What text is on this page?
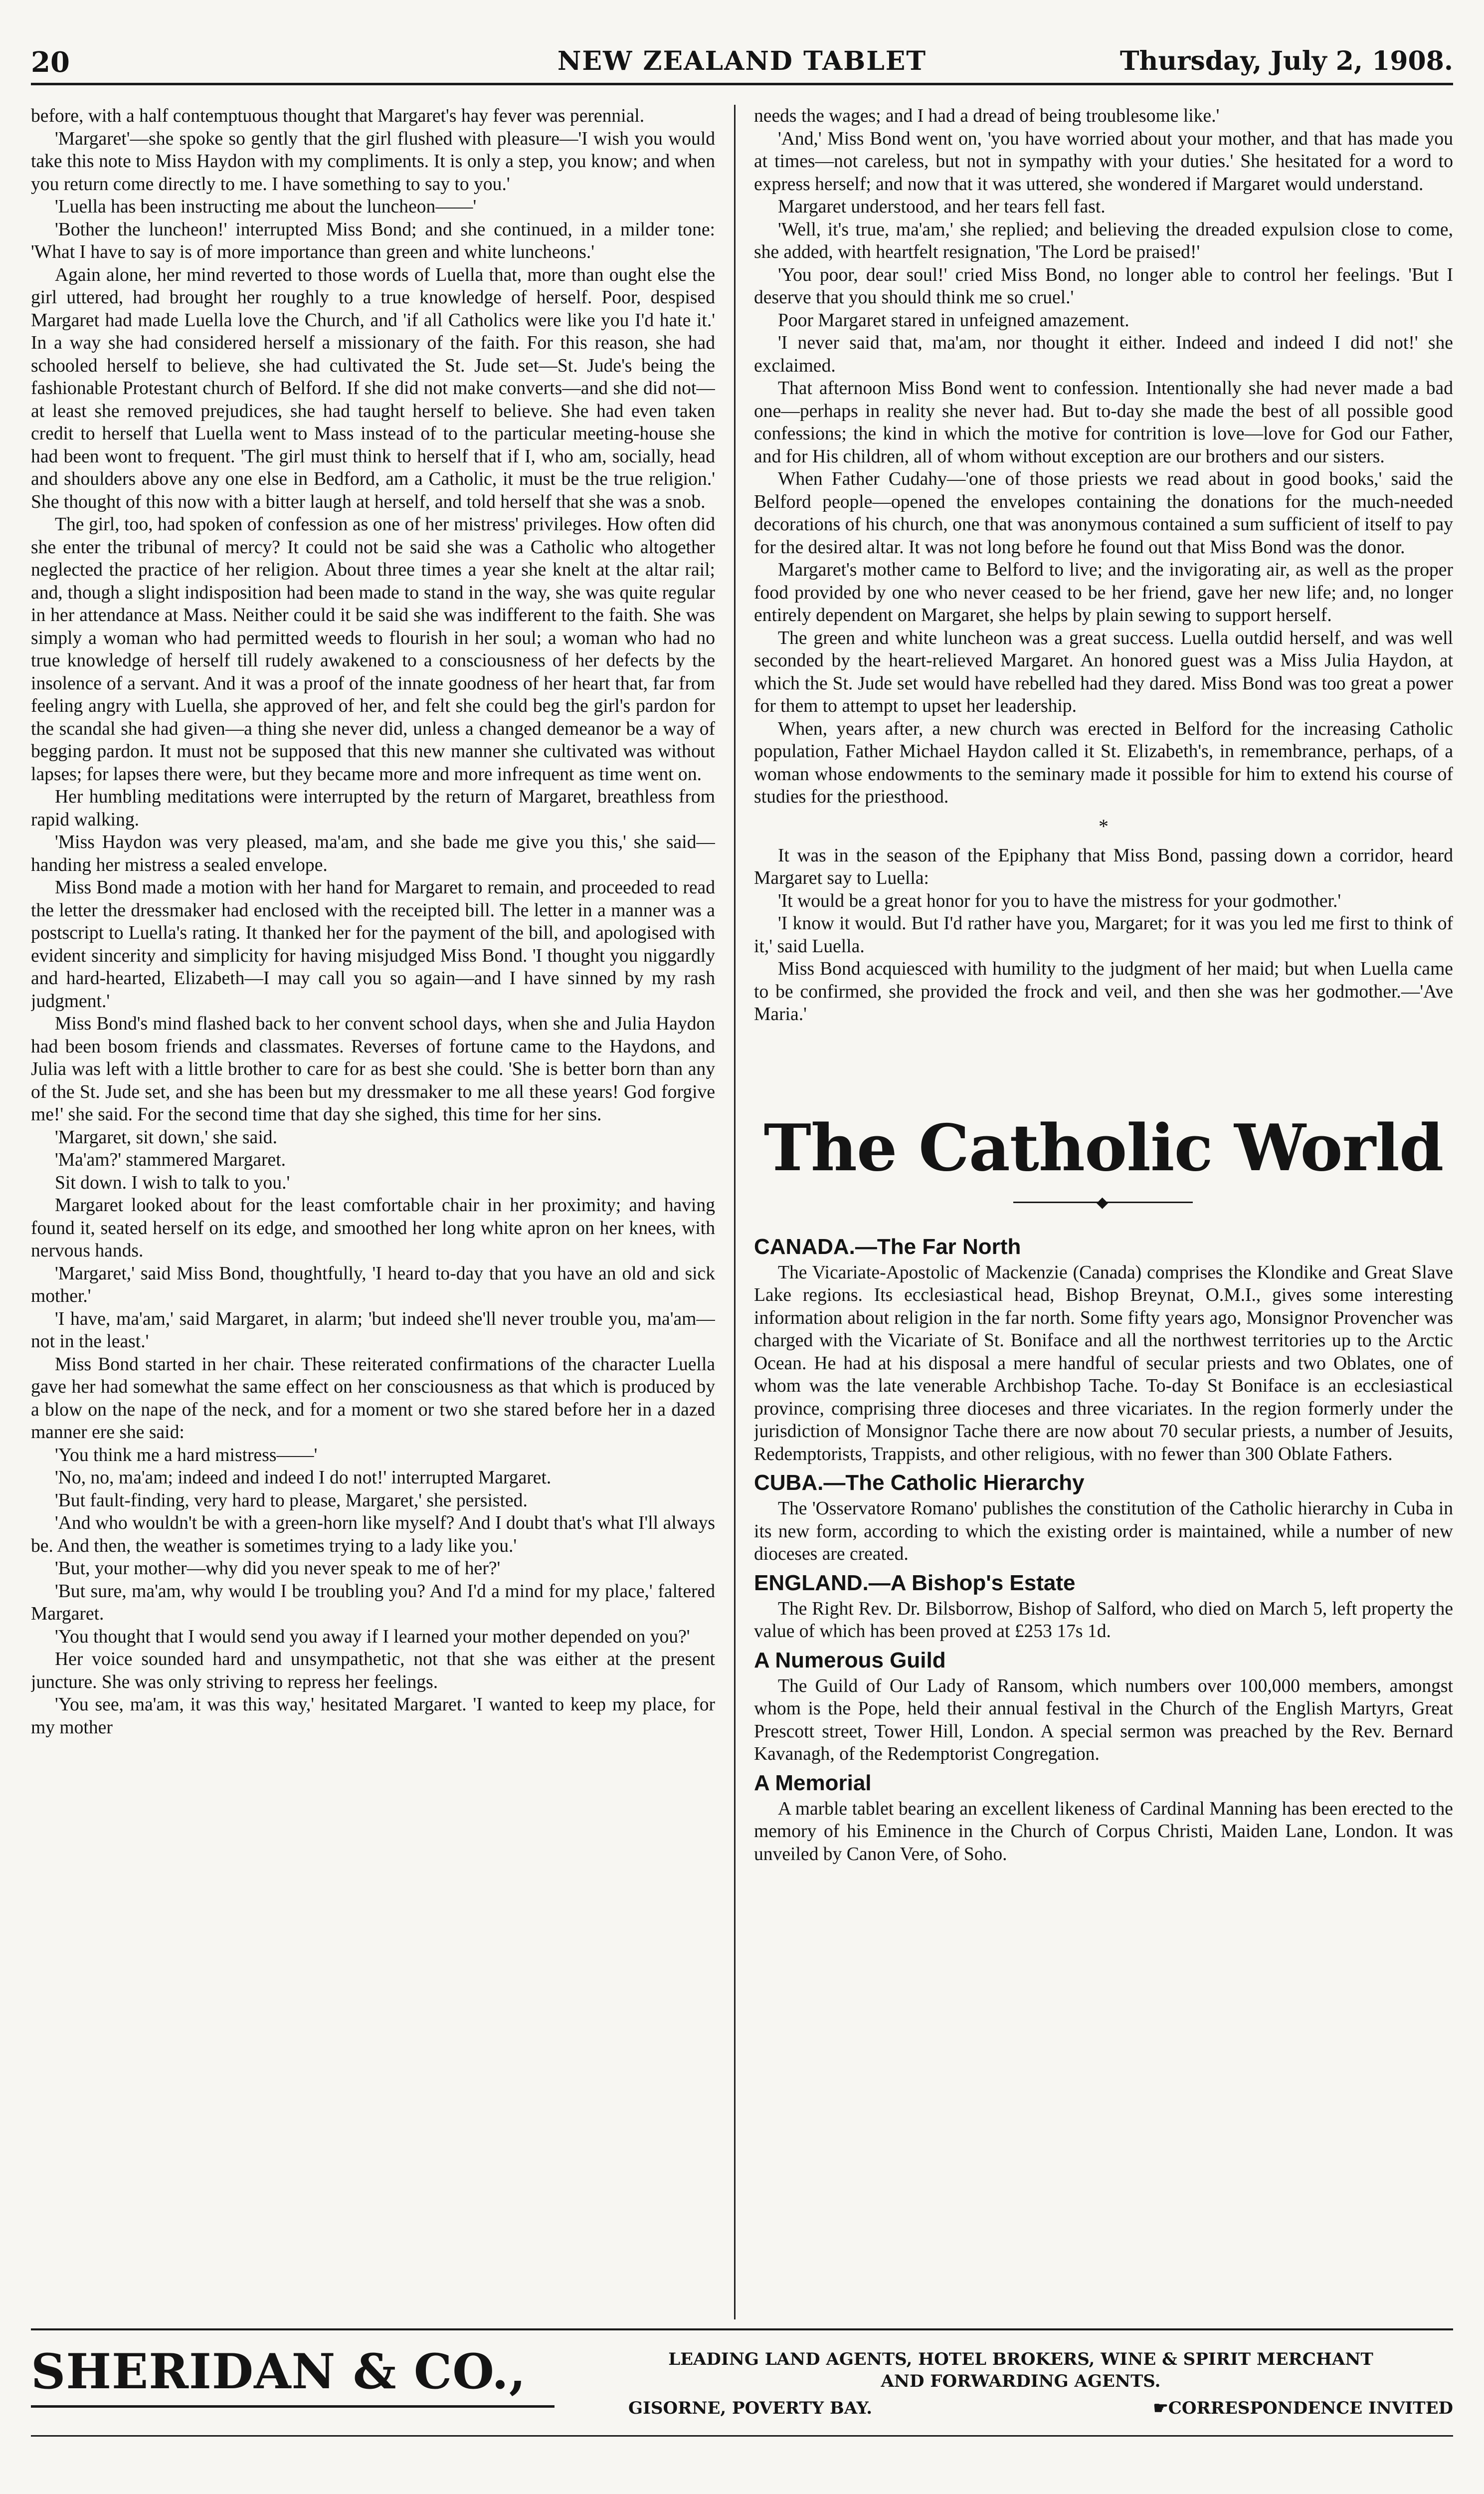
20	NEW ZEALAND TABLET	Thursday, July 2, 1908.

before, with a half contemptuous thought that Margaret's hay fever was perennial.

'Margaret'—she spoke so gently that the girl flushed with pleasure—'I wish you would take this note to Miss Haydon with my compliments. It is only a step, you know; and when you return come directly to me. I have something to say to you.'

'Luella has been instructing me about the luncheon——'

'Bother the luncheon!' interrupted Miss Bond; and she continued, in a milder tone: 'What I have to say is of more importance than green and white luncheons.'

Again alone, her mind reverted to those words of Luella that, more than ought else the girl uttered, had brought her roughly to a true knowledge of herself. Poor, despised Margaret had made Luella love the Church, and 'if all Catholics were like you I'd hate it.' In a way she had considered herself a missionary of the faith. For this reason, she had schooled herself to believe, she had cultivated the St. Jude set—St. Jude's being the fashionable Protestant church of Belford. If she did not make converts—and she did not—at least she removed prejudices, she had taught herself to believe. She had even taken credit to herself that Luella went to Mass instead of to the particular meeting-house she had been wont to frequent. 'The girl must think to herself that if I, who am, socially, head and shoulders above any one else in Bedford, am a Catholic, it must be the true religion.' She thought of this now with a bitter laugh at herself, and told herself that she was a snob.

The girl, too, had spoken of confession as one of her mistress' privileges. How often did she enter the tribunal of mercy? It could not be said she was a Catholic who altogether neglected the practice of her religion. About three times a year she knelt at the altar rail; and, though a slight indisposition had been made to stand in the way, she was quite regular in her attendance at Mass. Neither could it be said she was indifferent to the faith. She was simply a woman who had permitted weeds to flourish in her soul; a woman who had no true knowledge of herself till rudely awakened to a consciousness of her defects by the insolence of a servant. And it was a proof of the innate goodness of her heart that, far from feeling angry with Luella, she approved of her, and felt she could beg the girl's pardon for the scandal she had given—a thing she never did, unless a changed demeanor be a way of begging pardon. It must not be supposed that this new manner she cultivated was without lapses; for lapses there were, but they became more and more infrequent as time went on.

Her humbling meditations were interrupted by the return of Margaret, breathless from rapid walking.

'Miss Haydon was very pleased, ma'am, and she bade me give you this,' she said—handing her mistress a sealed envelope.

Miss Bond made a motion with her hand for Margaret to remain, and proceeded to read the letter the dressmaker had enclosed with the receipted bill. The letter in a manner was a postscript to Luella's rating. It thanked her for the payment of the bill, and apologised with evident sincerity and simplicity for having misjudged Miss Bond. 'I thought you niggardly and hard-hearted, Elizabeth—I may call you so again—and I have sinned by my rash judgment.'

Miss Bond's mind flashed back to her convent school days, when she and Julia Haydon had been bosom friends and classmates. Reverses of fortune came to the Haydons, and Julia was left with a little brother to care for as best she could. 'She is better born than any of the St. Jude set, and she has been but my dressmaker to me all these years! God forgive me!' she said. For the second time that day she sighed, this time for her sins.

'Margaret, sit down,' she said.

'Ma'am?' stammered Margaret.

Sit down. I wish to talk to you.'

Margaret looked about for the least comfortable chair in her proximity; and having found it, seated herself on its edge, and smoothed her long white apron on her knees, with nervous hands.

'Margaret,' said Miss Bond, thoughtfully, 'I heard to-day that you have an old and sick mother.'

'I have, ma'am,' said Margaret, in alarm; 'but indeed she'll never trouble you, ma'am—not in the least.'

Miss Bond started in her chair. These reiterated confirmations of the character Luella gave her had somewhat the same effect on her consciousness as that which is produced by a blow on the nape of the neck, and for a moment or two she stared before her in a dazed manner ere she said:

'You think me a hard mistress——'

'No, no, ma'am; indeed and indeed I do not!' interrupted Margaret.

'But fault-finding, very hard to please, Margaret,' she persisted.

'And who wouldn't be with a green-horn like myself? And I doubt that's what I'll always be. And then, the weather is sometimes trying to a lady like you.'

'But, your mother—why did you never speak to me of her?'

'But sure, ma'am, why would I be troubling you? And I'd a mind for my place,' faltered Margaret.

'You thought that I would send you away if I learned your mother depended on you?'

Her voice sounded hard and unsympathetic, not that she was either at the present juncture. She was only striving to repress her feelings.

'You see, ma'am, it was this way,' hesitated Margaret. 'I wanted to keep my place, for my mother

needs the wages; and I had a dread of being troublesome like.'

'And,' Miss Bond went on, 'you have worried about your mother, and that has made you at times—not careless, but not in sympathy with your duties.' She hesitated for a word to express herself; and now that it was uttered, she wondered if Margaret would understand.

Margaret understood, and her tears fell fast.

'Well, it's true, ma'am,' she replied; and believing the dreaded expulsion close to come, she added, with heartfelt resignation, 'The Lord be praised!'

'You poor, dear soul!' cried Miss Bond, no longer able to control her feelings. 'But I deserve that you should think me so cruel.'

Poor Margaret stared in unfeigned amazement.

'I never said that, ma'am, nor thought it either. Indeed and indeed I did not!' she exclaimed.

That afternoon Miss Bond went to confession. Intentionally she had never made a bad one—perhaps in reality she never had. But to-day she made the best of all possible good confessions; the kind in which the motive for contrition is love—love for God our Father, and for His children, all of whom without exception are our brothers and our sisters.

When Father Cudahy—'one of those priests we read about in good books,' said the Belford people—opened the envelopes containing the donations for the much-needed decorations of his church, one that was anonymous contained a sum sufficient of itself to pay for the desired altar. It was not long before he found out that Miss Bond was the donor.

Margaret's mother came to Belford to live; and the invigorating air, as well as the proper food provided by one who never ceased to be her friend, gave her new life; and, no longer entirely dependent on Margaret, she helps by plain sewing to support herself.

The green and white luncheon was a great success. Luella outdid herself, and was well seconded by the heart-relieved Margaret. An honored guest was a Miss Julia Haydon, at which the St. Jude set would have rebelled had they dared. Miss Bond was too great a power for them to attempt to upset her leadership.

When, years after, a new church was erected in Belford for the increasing Catholic population, Father Michael Haydon called it St. Elizabeth's, in remembrance, perhaps, of a woman whose endowments to the seminary made it possible for him to extend his course of studies for the priesthood.

*

It was in the season of the Epiphany that Miss Bond, passing down a corridor, heard Margaret say to Luella:

'It would be a great honor for you to have the mistress for your godmother.'

'I know it would. But I'd rather have you, Margaret; for it was you led me first to think of it,' said Luella.

Miss Bond acquiesced with humility to the judgment of her maid; but when Luella came to be confirmed, she provided the frock and veil, and then she was her godmother.—'Ave Maria.'

The Catholic World
◆
CANADA.—The Far North

The Vicariate-Apostolic of Mackenzie (Canada) comprises the Klondike and Great Slave Lake regions. Its ecclesiastical head, Bishop Breynat, O.M.I., gives some interesting information about religion in the far north. Some fifty years ago, Monsignor Provencher was charged with the Vicariate of St. Boniface and all the northwest territories up to the Arctic Ocean. He had at his disposal a mere handful of secular priests and two Oblates, one of whom was the late venerable Archbishop Tache. To-day St Boniface is an ecclesiastical province, comprising three dioceses and three vicariates. In the region formerly under the jurisdiction of Monsignor Tache there are now about 70 secular priests, a number of Jesuits, Redemptorists, Trappists, and other religious, with no fewer than 300 Oblate Fathers.

CUBA.—The Catholic Hierarchy

The 'Osservatore Romano' publishes the constitution of the Catholic hierarchy in Cuba in its new form, according to which the existing order is maintained, while a number of new dioceses are created.

ENGLAND.—A Bishop's Estate

The Right Rev. Dr. Bilsborrow, Bishop of Salford, who died on March 5, left property the value of which has been proved at £253 17s 1d.

A Numerous Guild

The Guild of Our Lady of Ransom, which numbers over 100,000 members, amongst whom is the Pope, held their annual festival in the Church of the English Martyrs, Great Prescott street, Tower Hill, London. A special sermon was preached by the Rev. Bernard Kavanagh, of the Redemptorist Congregation.

A Memorial

A marble tablet bearing an excellent likeness of Cardinal Manning has been erected to the memory of his Eminence in the Church of Corpus Christi, Maiden Lane, London. It was unveiled by Canon Vere, of Soho.

SHERIDAN & CO.,	LEADING LAND AGENTS, HOTEL BROKERS, WINE & SPIRIT MERCHANT
AND FORWARDING AGENTS.
GISORNE, POVERTY BAY.	☛CORRESPONDENCE INVITED
